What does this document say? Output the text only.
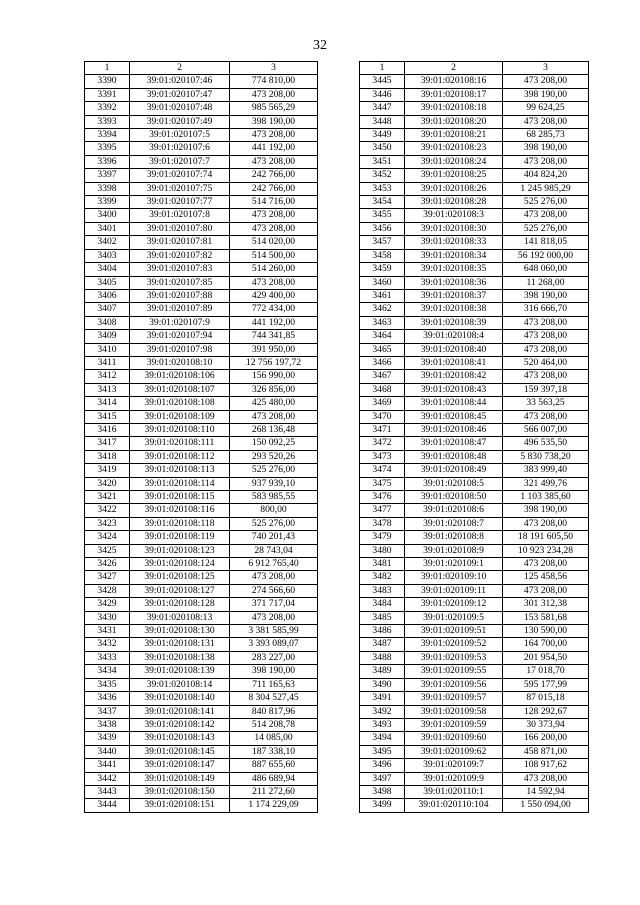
32
1	2	3
3390	39:01:020107:46	774 810,00
3391	39:01:020107:47	473 208,00
3392	39:01:020107:48	985 565,29
3393	39:01:020107:49	398 190,00
3394	39:01:020107:5	473 208,00
3395	39:01:020107:6	441 192,00
3396	39:01:020107:7	473 208,00
3397	39:01:020107:74	242 766,00
3398	39:01:020107:75	242 766,00
3399	39:01:020107:77	514 716,00
3400	39:01:020107:8	473 208,00
3401	39:01:020107:80	473 208,00
3402	39:01:020107:81	514 020,00
3403	39:01:020107:82	514 500,00
3404	39:01:020107:83	514 260,00
3405	39:01:020107:85	473 208,00
3406	39:01:020107:88	429 400,00
3407	39:01:020107:89	772 434,00
3408	39:01:020107:9	441 192,00
3409	39:01:020107:94	744 341,85
3410	39:01:020107:98	391 950,00
3411	39:01:020108:10	12 756 197,72
3412	39:01:020108:106	156 990,00
3413	39:01:020108:107	326 856,00
3414	39:01:020108:108	425 480,00
3415	39:01:020108:109	473 208,00
3416	39:01:020108:110	268 136,48
3417	39:01:020108:111	150 092,25
3418	39:01:020108:112	293 520,26
3419	39:01:020108:113	525 276,00
3420	39:01:020108:114	937 939,10
3421	39:01:020108:115	583 985,55
3422	39:01:020108:116	800,00
3423	39:01:020108:118	525 276,00
3424	39:01:020108:119	740 201,43
3425	39:01:020108:123	28 743,04
3426	39:01:020108:124	6 912 765,40
3427	39:01:020108:125	473 208,00
3428	39:01:020108:127	274 566,60
3429	39:01:020108:128	371 717,04
3430	39:01:020108:13	473 208,00
3431	39:01:020108:130	3 381 585,99
3432	39:01:020108:131	3 393 089,07
3433	39:01:020108:138	283 227,00
3434	39:01:020108:139	398 190,00
3435	39:01:020108:14	711 165,63
3436	39:01:020108:140	8 304 527,45
3437	39:01:020108:141	840 817,96
3438	39:01:020108:142	514 208,78
3439	39:01:020108:143	14 085,00
3440	39:01:020108:145	187 338,10
3441	39:01:020108:147	887 655,60
3442	39:01:020108:149	486 689,94
3443	39:01:020108:150	211 272,60
3444	39:01:020108:151	1 174 229,09
1	2	3
3445	39:01:020108:16	473 208,00
3446	39:01:020108:17	398 190,00
3447	39:01:020108:18	99 624,25
3448	39:01:020108:20	473 208,00
3449	39:01:020108:21	68 285,73
3450	39:01:020108:23	398 190,00
3451	39:01:020108:24	473 208,00
3452	39:01:020108:25	404 824,20
3453	39:01:020108:26	1 245 985,29
3454	39:01:020108:28	525 276,00
3455	39:01:020108:3	473 208,00
3456	39:01:020108:30	525 276,00
3457	39:01:020108:33	141 818,05
3458	39:01:020108:34	56 192 000,00
3459	39:01:020108:35	648 060,00
3460	39:01:020108:36	11 268,00
3461	39:01:020108:37	398 190,00
3462	39:01:020108:38	316 666,70
3463	39:01:020108:39	473 208,00
3464	39:01:020108:4	473 208,00
3465	39:01:020108:40	473 208,00
3466	39:01:020108:41	520 464,00
3467	39:01:020108:42	473 208,00
3468	39:01:020108:43	159 397,18
3469	39:01:020108:44	33 563,25
3470	39:01:020108:45	473 208,00
3471	39:01:020108:46	566 007,00
3472	39:01:020108:47	496 535,50
3473	39:01:020108:48	5 830 738,20
3474	39:01:020108:49	383 999,40
3475	39:01:020108:5	321 499,76
3476	39:01:020108:50	1 103 385,60
3477	39:01:020108:6	398 190,00
3478	39:01:020108:7	473 208,00
3479	39:01:020108:8	18 191 605,50
3480	39:01:020108:9	10 923 234,28
3481	39:01:020109:1	473 208,00
3482	39:01:020109:10	125 458,56
3483	39:01:020109:11	473 208,00
3484	39:01:020109:12	301 312,38
3485	39:01:020109:5	153 581,68
3486	39:01:020109:51	130 590,00
3487	39:01:020109:52	164 700,00
3488	39:01:020109:53	201 954,50
3489	39:01:020109:55	17 018,70
3490	39:01:020109:56	595 177,99
3491	39:01:020109:57	87 015,18
3492	39:01:020109:58	128 292,67
3493	39:01:020109:59	30 373,94
3494	39:01:020109:60	166 200,00
3495	39:01:020109:62	458 871,00
3496	39:01:020109:7	108 917,62
3497	39:01:020109:9	473 208,00
3498	39:01:020110:1	14 592,94
3499	39:01:020110:104	1 550 094,00
